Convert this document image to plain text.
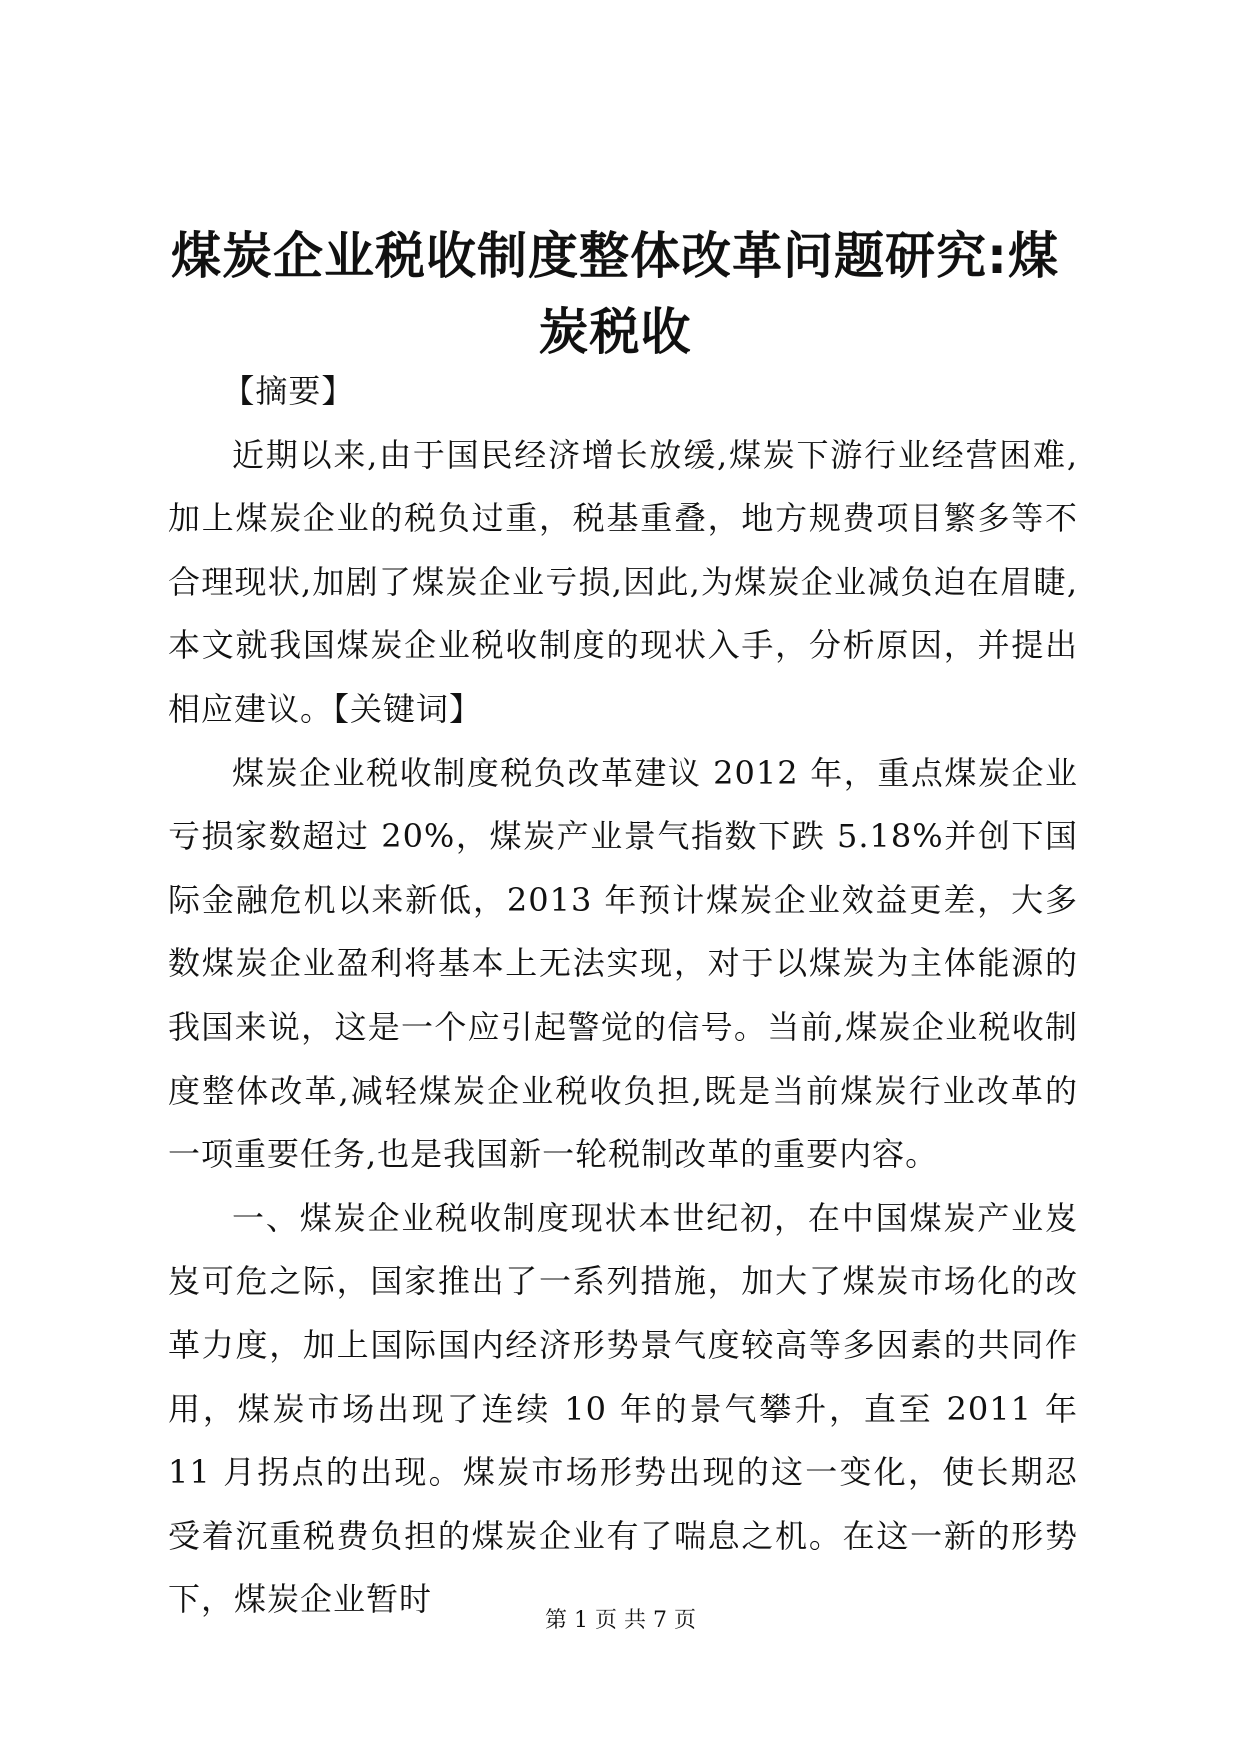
煤炭企业税收制度整体改革问题研究:煤炭税收

【摘要】

近期以来,由于国民经济增长放缓,煤炭下游行业经营困难,加上煤炭企业的税负过重，税基重叠，地方规费项目繁多等不合理现状,加剧了煤炭企业亏损,因此,为煤炭企业减负迫在眉睫,本文就我国煤炭企业税收制度的现状入手，分析原因，并提出相应建议。【关键词】

煤炭企业税收制度税负改革建议 2012 年，重点煤炭企业亏损家数超过 20%，煤炭产业景气指数下跌 5.18%并创下国际金融危机以来新低，2013 年预计煤炭企业效益更差，大多数煤炭企业盈利将基本上无法实现，对于以煤炭为主体能源的我国来说，这是一个应引起警觉的信号。当前,煤炭企业税收制度整体改革,减轻煤炭企业税收负担,既是当前煤炭行业改革的一项重要任务,也是我国新一轮税制改革的重要内容。

一、煤炭企业税收制度现状本世纪初，在中国煤炭产业岌岌可危之际，国家推出了一系列措施，加大了煤炭市场化的改革力度，加上国际国内经济形势景气度较高等多因素的共同作用，煤炭市场出现了连续 10 年的景气攀升，直至 2011 年 11 月拐点的出现。煤炭市场形势出现的这一变化，使长期忍受着沉重税费负担的煤炭企业有了喘息之机。在这一新的形势下，煤炭企业暂时

第 1 页 共 7 页
